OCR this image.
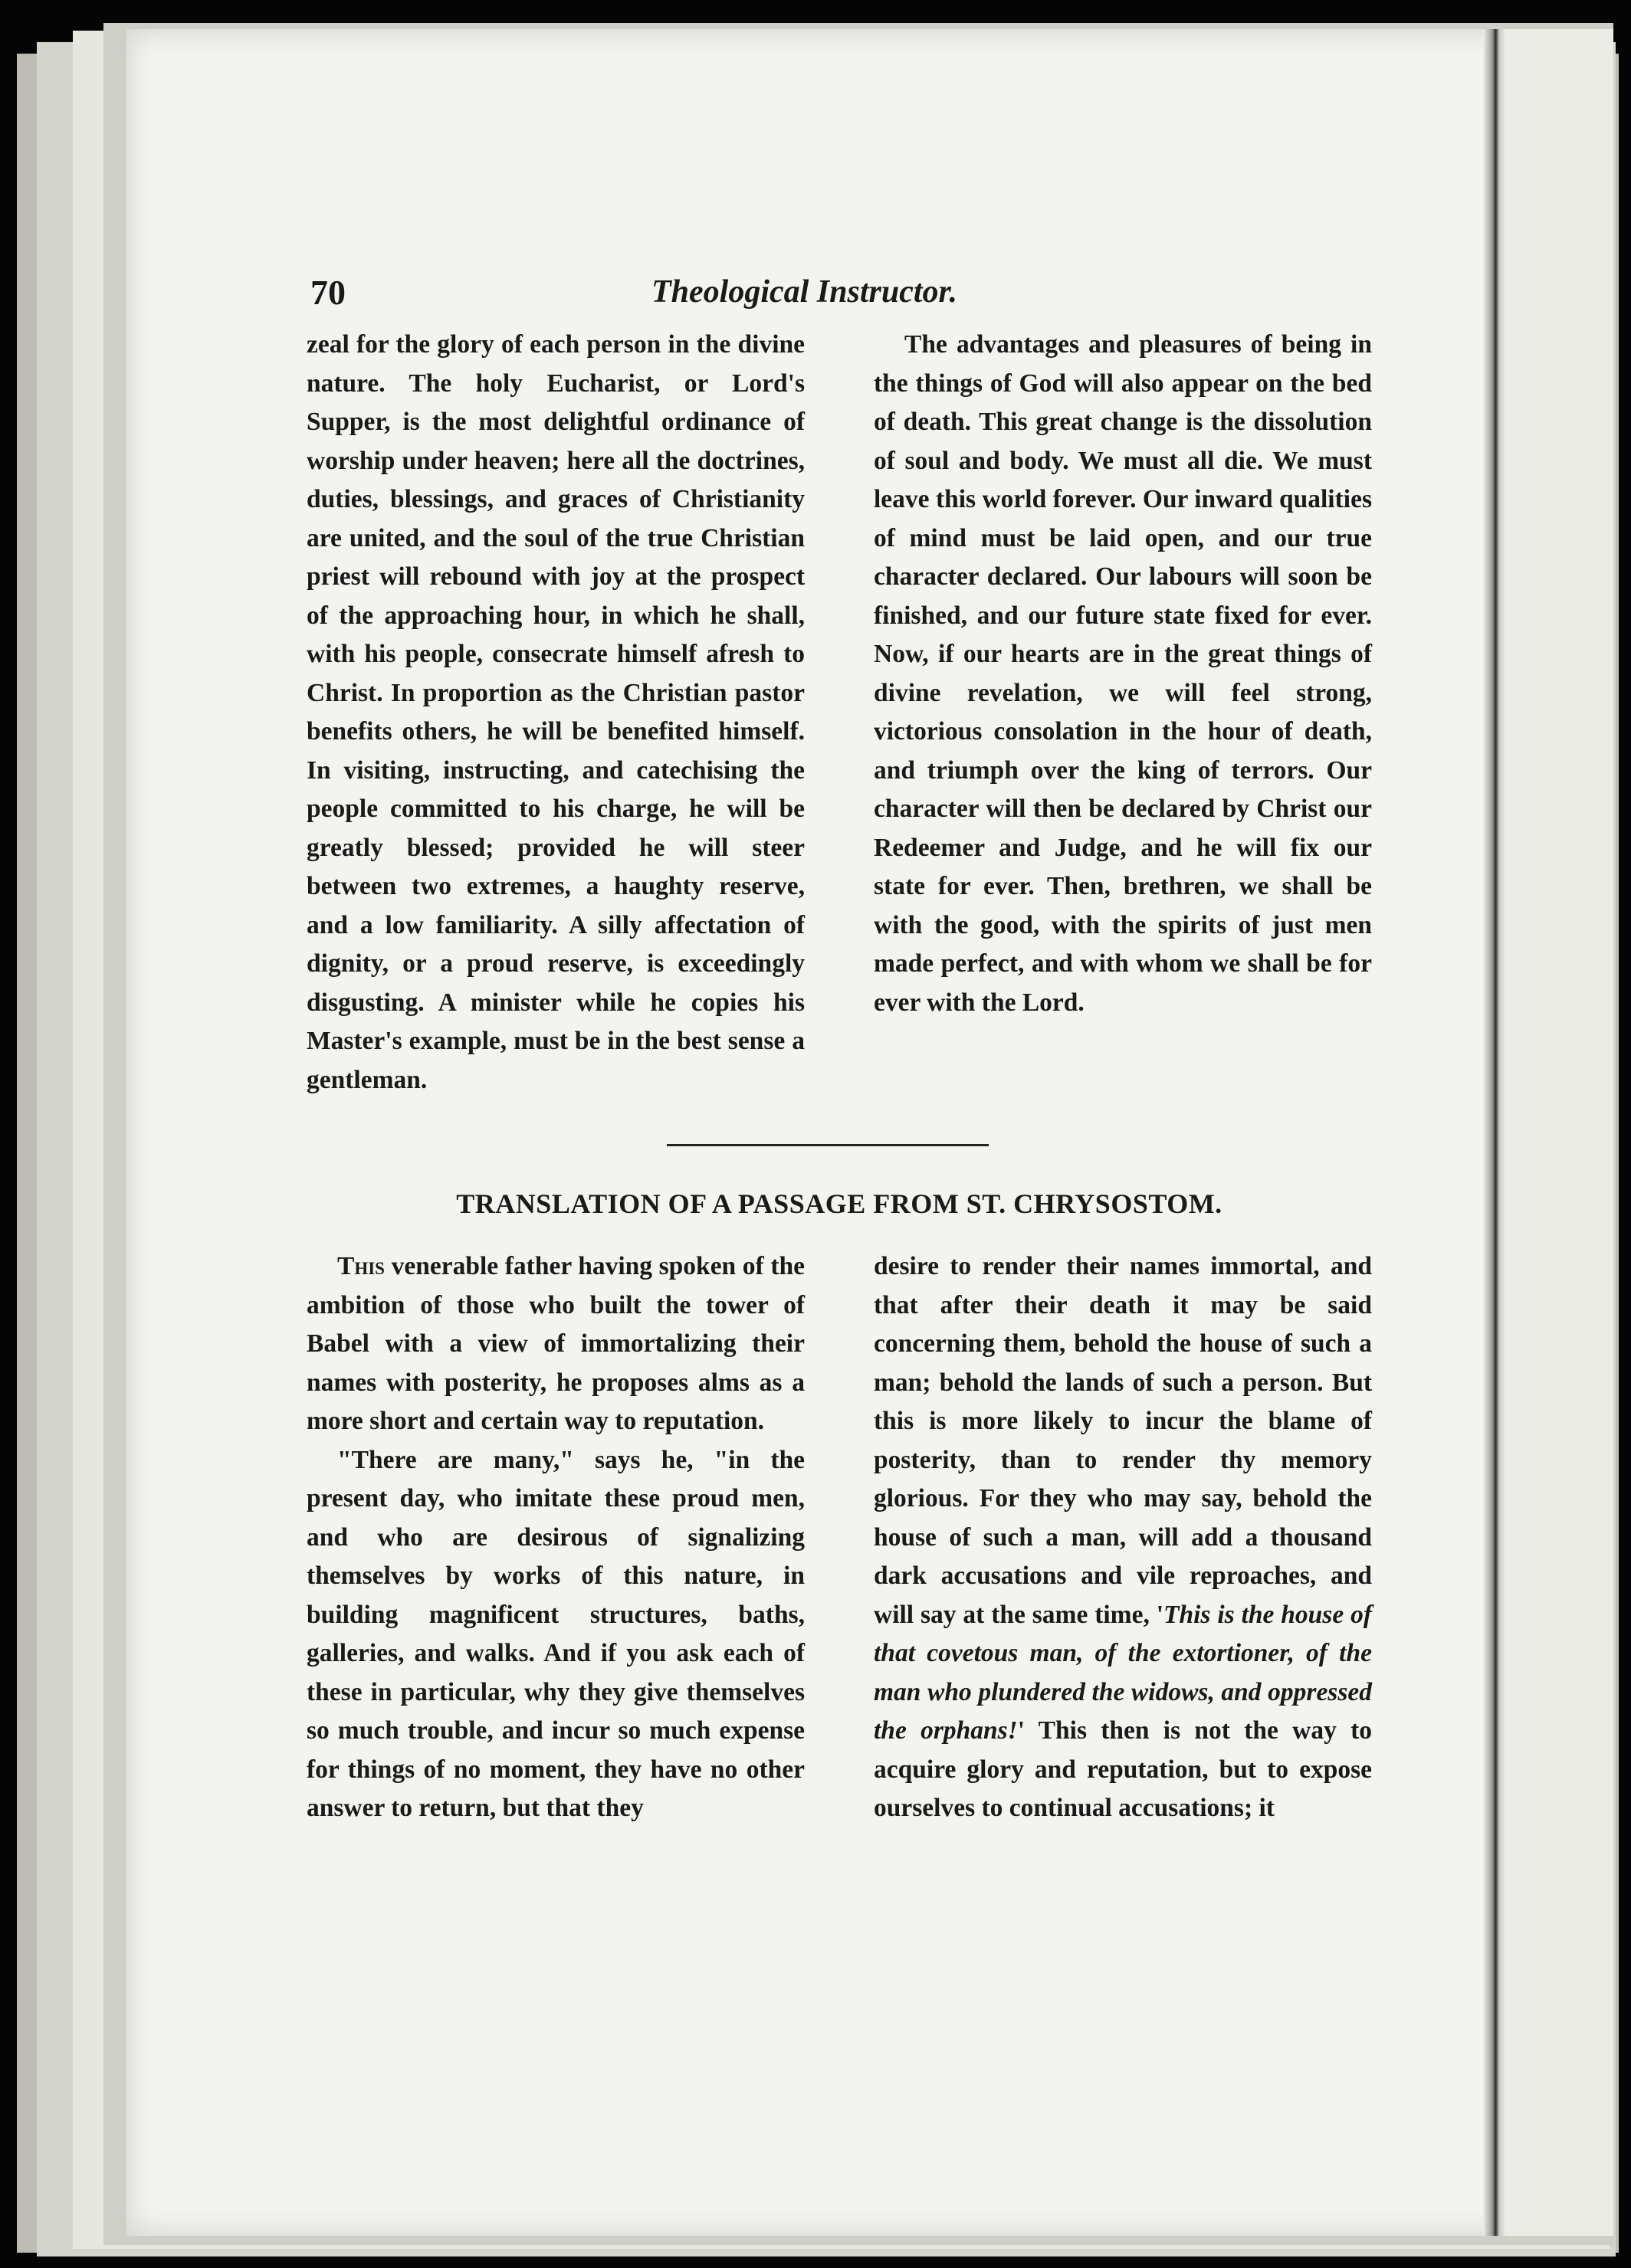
70	Theological Instructor.

zeal for the glory of each person in the divine nature. The holy Eucharist, or Lord's Supper, is the most delightful ordinance of worship under heaven; here all the doctrines, duties, blessings, and graces of Christianity are united, and the soul of the true Christian priest will rebound with joy at the prospect of the approaching hour, in which he shall, with his people, consecrate himself afresh to Christ. In proportion as the Christian pastor benefits others, he will be benefited himself. In visiting, instructing, and catechising the people committed to his charge, he will be greatly blessed; provided he will steer between two extremes, a haughty reserve, and a low familiarity. A silly affectation of dignity, or a proud reserve, is exceedingly disgusting. A minister while he copies his Master's example, must be in the best sense a gentleman.

The advantages and pleasures of being in the things of God will also appear on the bed of death. This great change is the dissolution of soul and body. We must all die. We must leave this world forever. Our inward qualities of mind must be laid open, and our true character declared. Our labours will soon be finished, and our future state fixed for ever. Now, if our hearts are in the great things of divine revelation, we will feel strong, victorious consolation in the hour of death, and triumph over the king of terrors. Our character will then be declared by Christ our Redeemer and Judge, and he will fix our state for ever. Then, brethren, we shall be with the good, with the spirits of just men made perfect, and with whom we shall be for ever with the Lord.

TRANSLATION OF A PASSAGE FROM ST. CHRYSOSTOM.

This venerable father having spoken of the ambition of those who built the tower of Babel with a view of immortalizing their names with posterity, he proposes alms as a more short and certain way to reputation.

"There are many," says he, "in the present day, who imitate these proud men, and who are desirous of signalizing themselves by works of this nature, in building magnificent structures, baths, galleries, and walks. And if you ask each of these in particular, why they give themselves so much trouble, and incur so much expense for things of no moment, they have no other answer to return, but that they

desire to render their names immortal, and that after their death it may be said concerning them, behold the house of such a man; behold the lands of such a person. But this is more likely to incur the blame of posterity, than to render thy memory glorious. For they who may say, behold the house of such a man, will add a thousand dark accusations and vile reproaches, and will say at the same time, 'This is the house of that covetous man, of the extortioner, of the man who plundered the widows, and oppressed the orphans!' This then is not the way to acquire glory and reputation, but to expose ourselves to continual accusations; it
